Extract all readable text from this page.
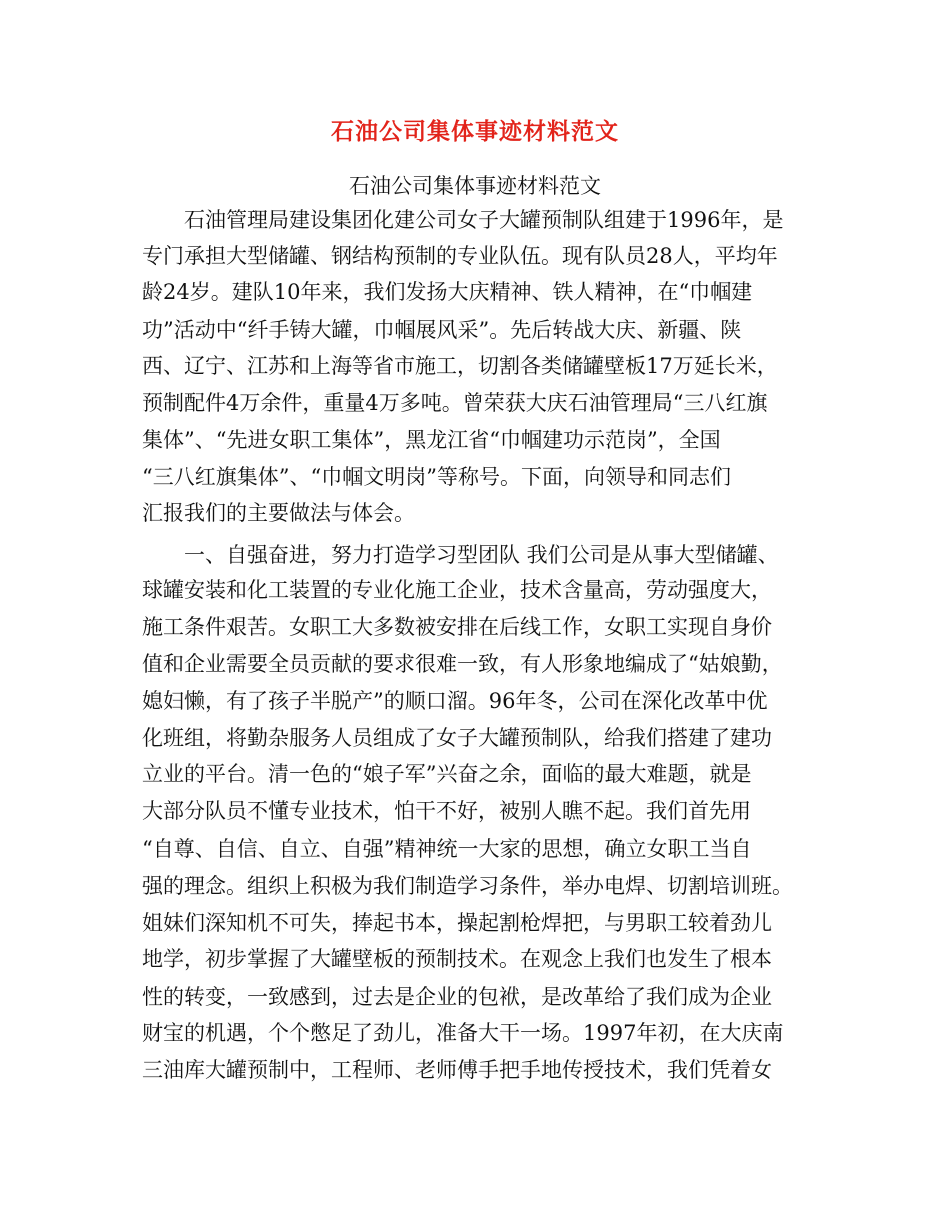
石油公司集体事迹材料范文
石油公司集体事迹材料范文
石油管理局建设集团化建公司女子大罐预制队组建于1996年，是
专门承担大型储罐、钢结构预制的专业队伍。现有队员28人，平均年
龄24岁。建队10年来，我们发扬大庆精神、铁人精神，在“巾帼建
功”活动中“纤手铸大罐，巾帼展风采”。先后转战大庆、新疆、陕
西、辽宁、江苏和上海等省市施工，切割各类储罐壁板17万延长米，
预制配件4万余件，重量4万多吨。曾荣获大庆石油管理局“三八红旗
集体”、“先进女职工集体”，黑龙江省“巾帼建功示范岗”，全国
“三八红旗集体”、“巾帼文明岗”等称号。下面，向领导和同志们
汇报我们的主要做法与体会。
一、自强奋进，努力打造学习型团队 我们公司是从事大型储罐、
球罐安装和化工装置的专业化施工企业，技术含量高，劳动强度大，
施工条件艰苦。女职工大多数被安排在后线工作，女职工实现自身价
值和企业需要全员贡献的要求很难一致，有人形象地编成了“姑娘勤，
媳妇懒，有了孩子半脱产”的顺口溜。96年冬，公司在深化改革中优
化班组，将勤杂服务人员组成了女子大罐预制队，给我们搭建了建功
立业的平台。清一色的“娘子军”兴奋之余，面临的最大难题，就是
大部分队员不懂专业技术，怕干不好，被别人瞧不起。我们首先用
“自尊、自信、自立、自强”精神统一大家的思想，确立女职工当自
强的理念。组织上积极为我们制造学习条件，举办电焊、切割培训班。
姐妹们深知机不可失，捧起书本，操起割枪焊把，与男职工较着劲儿
地学，初步掌握了大罐壁板的预制技术。在观念上我们也发生了根本
性的转变，一致感到，过去是企业的包袱，是改革给了我们成为企业
财宝的机遇，个个憋足了劲儿，准备大干一场。1997年初，在大庆南
三油库大罐预制中，工程师、老师傅手把手地传授技术，我们凭着女
